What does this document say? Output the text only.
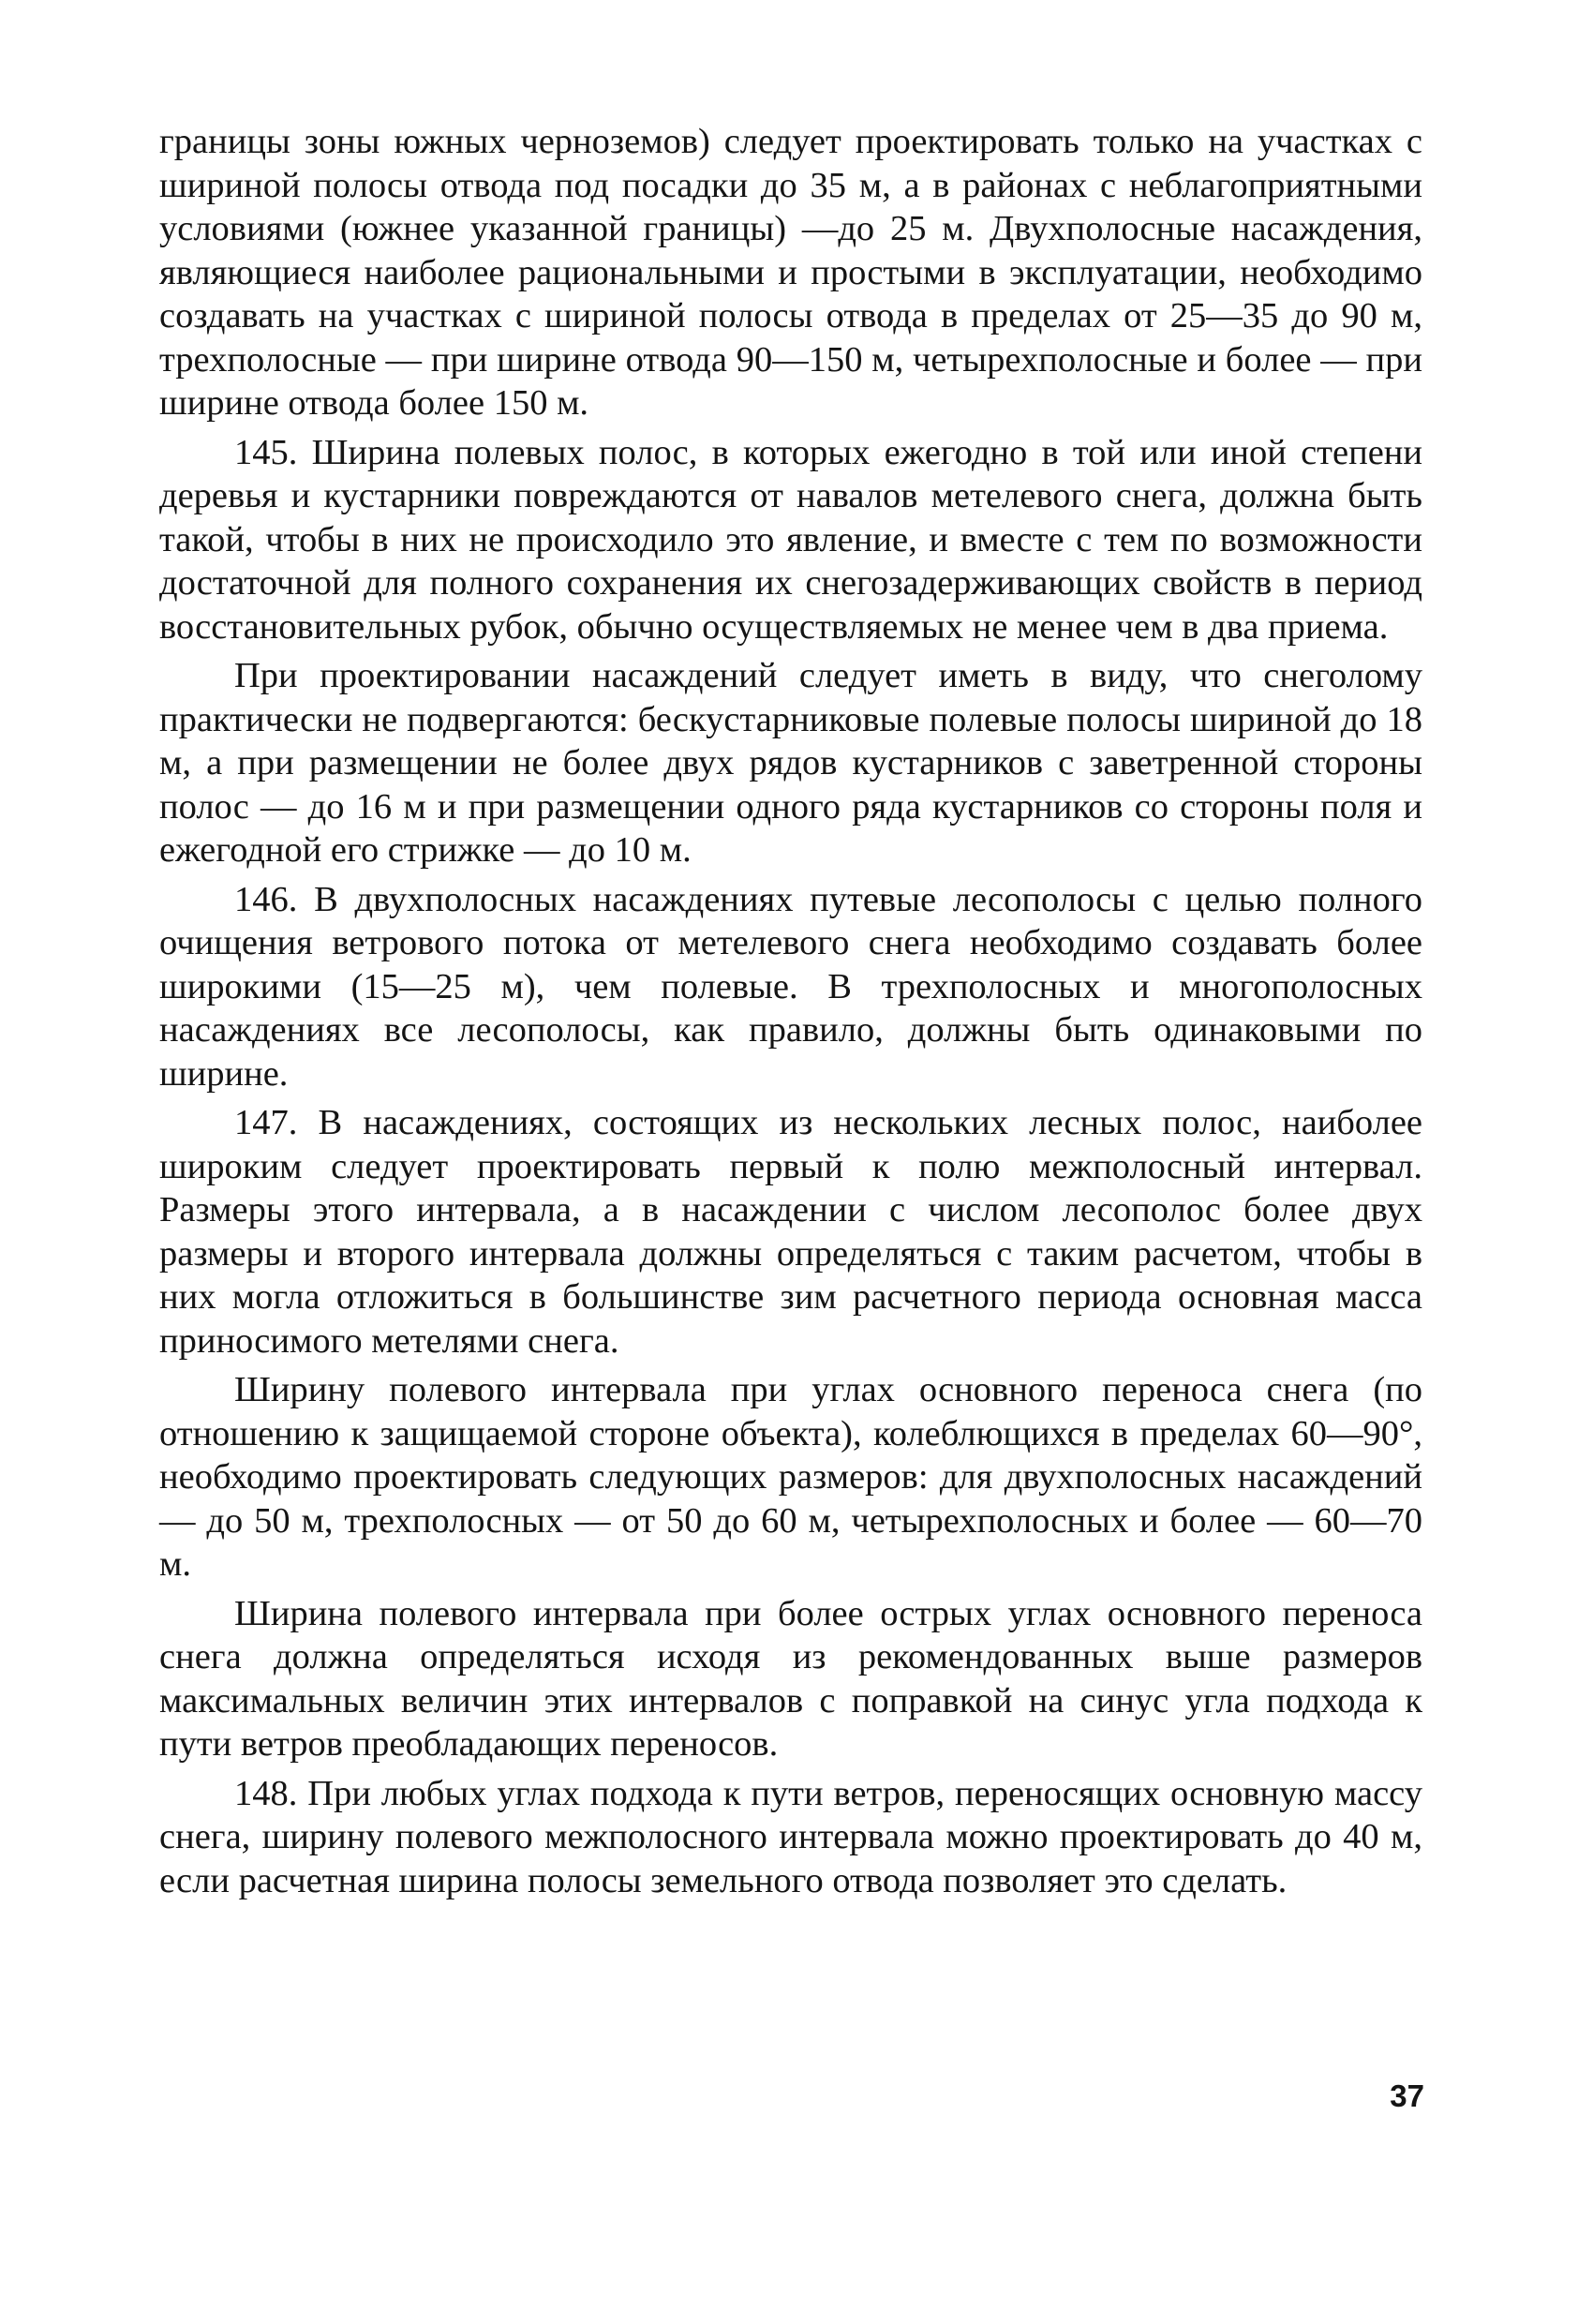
границы зоны южных черноземов) следует проектировать только на участках с шириной полосы отвода под посадки до 35 м, а в районах с неблагоприятными условиями (южнее указанной границы) —до 25 м. Двухполосные насаждения, являющиеся наиболее рациональными и простыми в эксплуатации, необходимо создавать на участках с шириной полосы отвода в пределах от 25—35 до 90 м, трехполосные — при ширине отвода 90—150 м, четырехполосные и более — при ширине отвода более 150 м.

145. Ширина полевых полос, в которых ежегодно в той или иной степени деревья и кустарники повреждаются от навалов метелевого снега, должна быть такой, чтобы в них не происходило это явление, и вместе с тем по возможности достаточной для полного сохранения их снегозадерживающих свойств в период восстановительных рубок, обычно осуществляемых не менее чем в два приема.

При проектировании насаждений следует иметь в виду, что снеголому практически не подвергаются: бескустарниковые полевые полосы шириной до 18 м, а при размещении не более двух рядов кустарников с заветренной стороны полос — до 16 м и при размещении одного ряда кустарников со стороны поля и ежегодной его стрижке — до 10 м.

146. В двухполосных насаждениях путевые лесополосы с целью полного очищения ветрового потока от метелевого снега необходимо создавать более широкими (15—25 м), чем полевые. В трехполосных и многополосных насаждениях все лесополосы, как правило, должны быть одинаковыми по ширине.

147. В насаждениях, состоящих из нескольких лесных полос, наиболее широким следует проектировать первый к полю межполосный интервал. Размеры этого интервала, а в насаждении с числом лесополос более двух размеры и второго интервала должны определяться с таким расчетом, чтобы в них могла отложиться в большинстве зим расчетного периода основная масса приносимого метелями снега.

Ширину полевого интервала при углах основного переноса снега (по отношению к защищаемой стороне объекта), колеблющихся в пределах 60—90°, необходимо проектировать следующих размеров: для двухполосных насаждений — до 50 м, трехполосных — от 50 до 60 м, четырехполосных и более — 60—70 м.

Ширина полевого интервала при более острых углах основного переноса снега должна определяться исходя из рекомендованных выше размеров максимальных величин этих интервалов с поправкой на синус угла подхода к пути ветров преобладающих переносов.

148. При любых углах подхода к пути ветров, переносящих основную массу снега, ширину полевого межполосного интервала можно проектировать до 40 м, если расчетная ширина полосы земельного отвода позволяет это сделать.

37
